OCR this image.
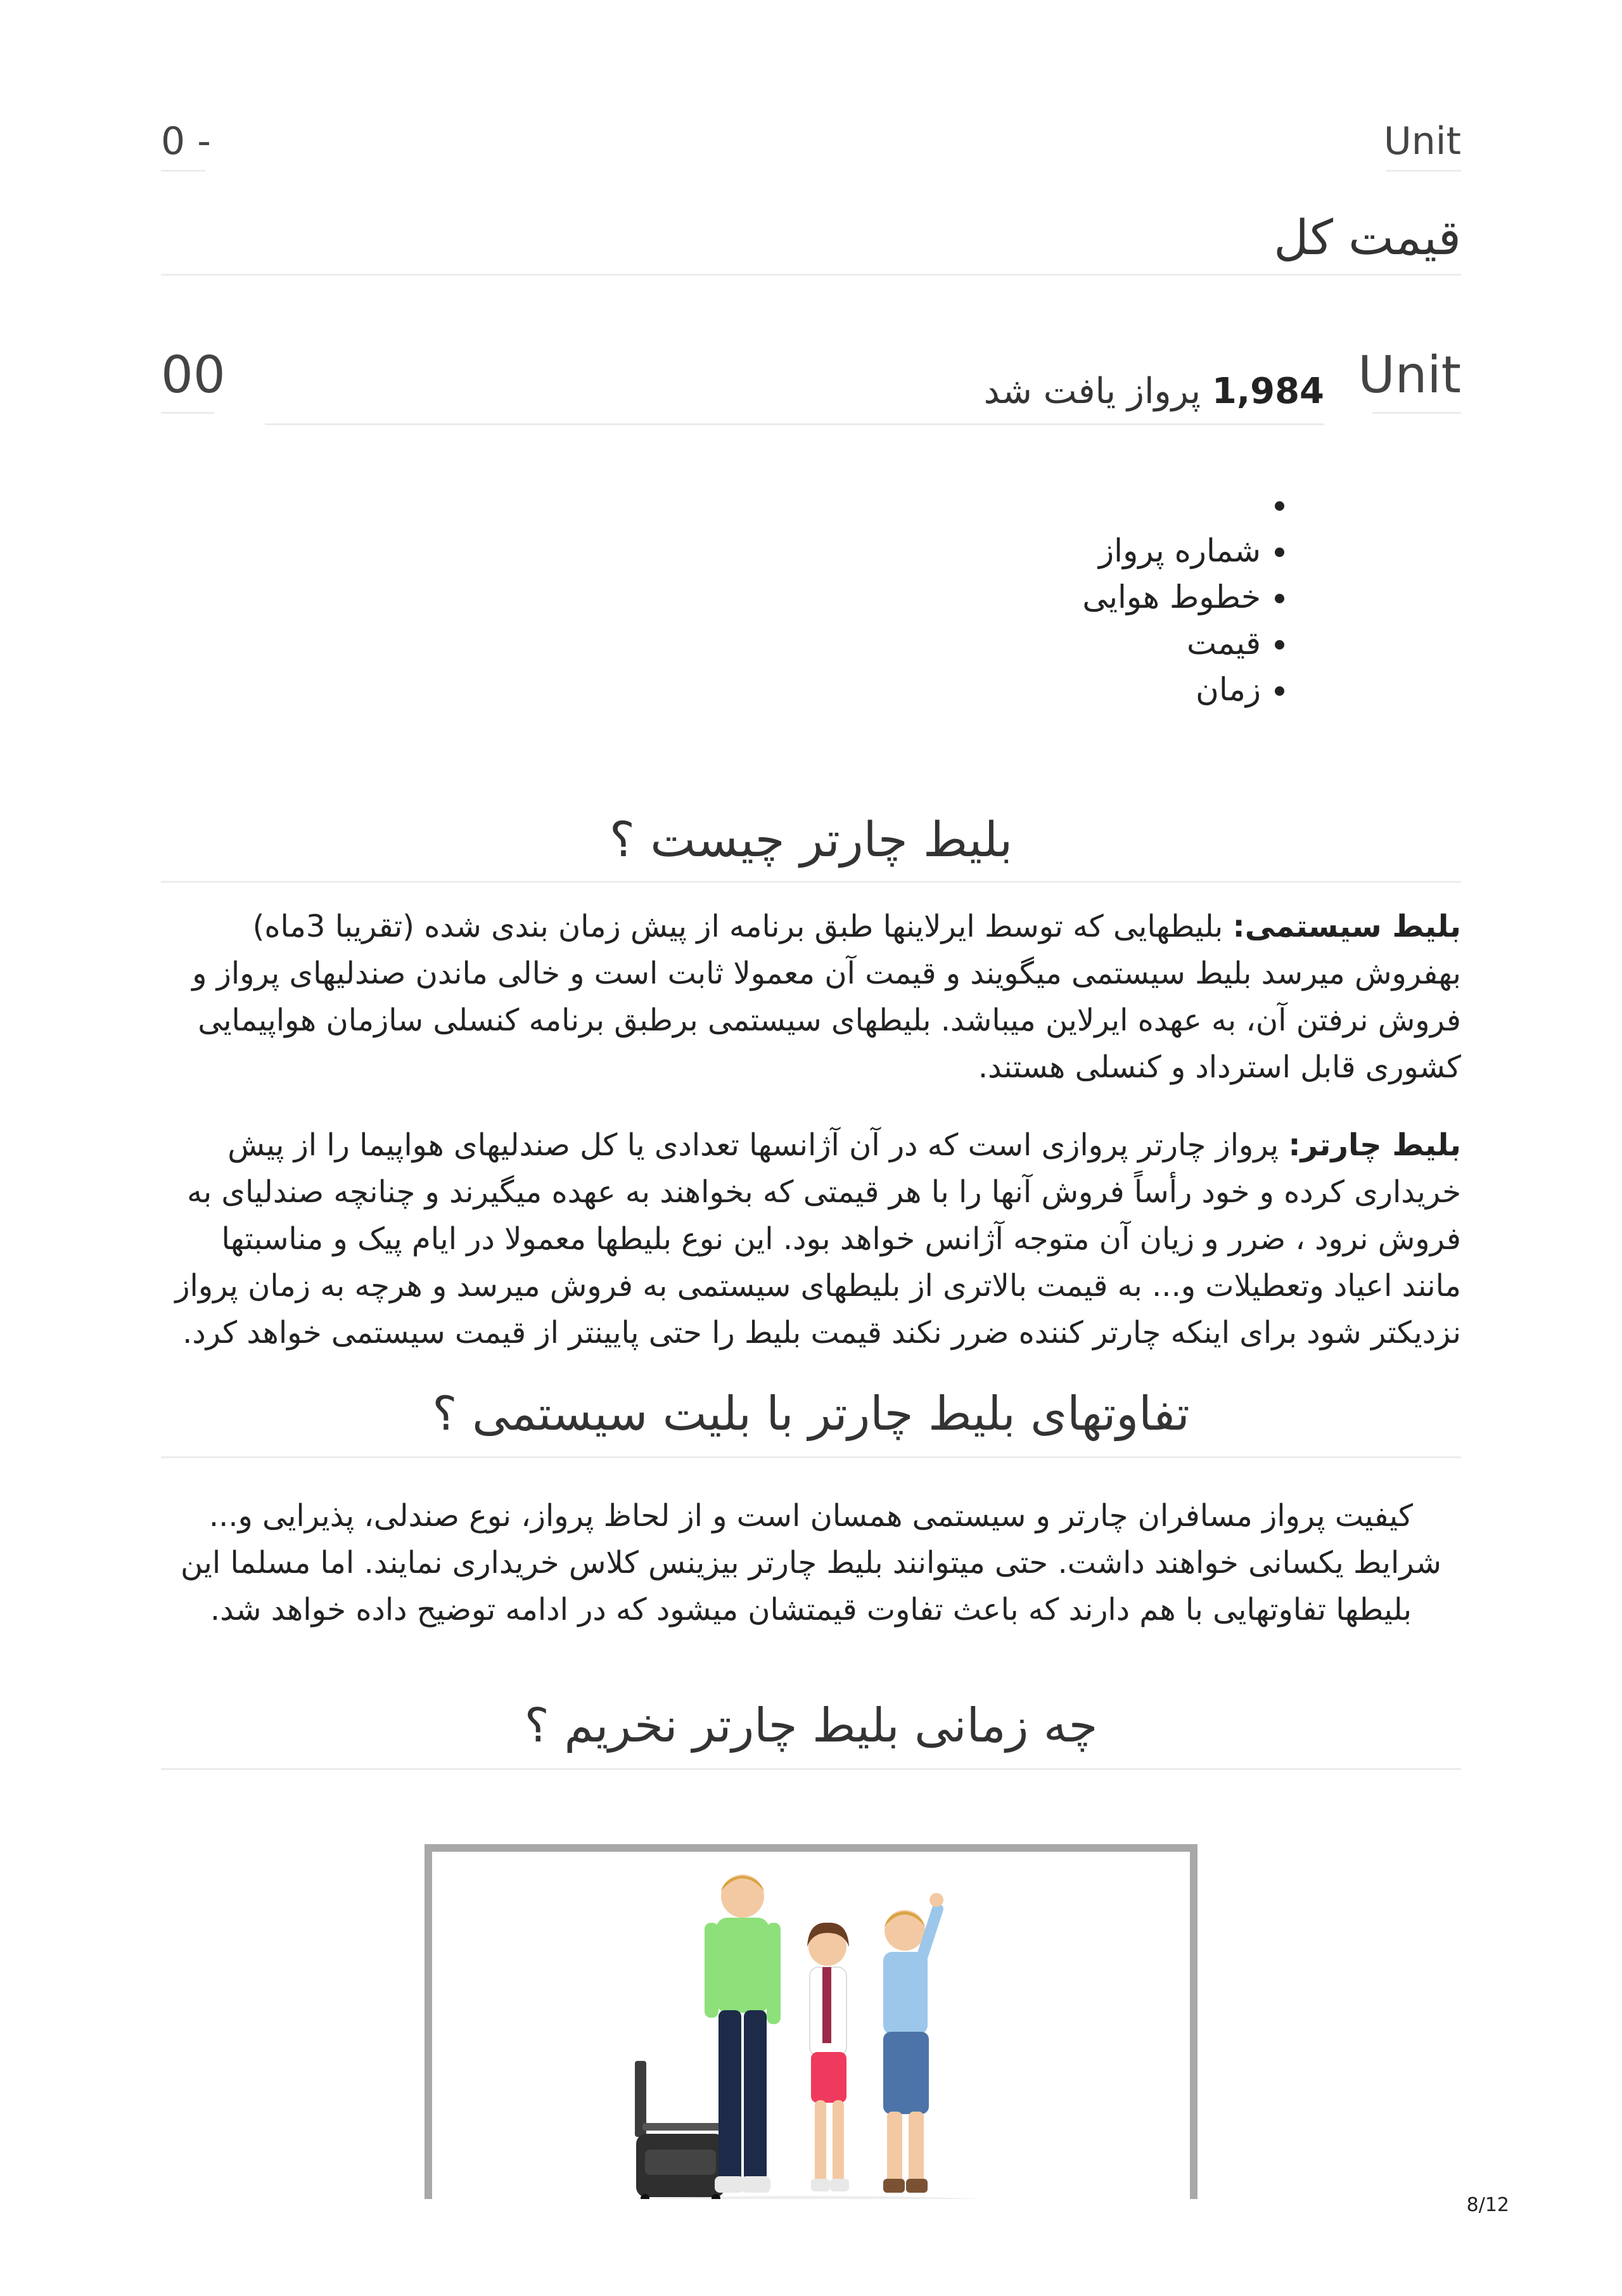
Unit
0 -
قیمت کل
Unit
00	1,984 پرواز یافت شد
•
• شماره پرواز
• خطوط هوایی
• قیمت
• زمان
بلیط چارتر چیست ؟

بلیط سیستمی: بلیطهایی که توسط ایرلاینها طبق برنامه از پیش زمان بندی شده (تقریبا 3ماه) بهفروش میرسد بلیط سیستمی میگویند و قیمت آن معمولا ثابت است و خالی ماندن صندلیهای پرواز و فروش نرفتن آن، به عهده ایرلاین میباشد. بلیطهای سیستمی برطبق برنامه کنسلی سازمان هواپیمایی کشوری قابل استرداد و کنسلی هستند.

بلیط چارتر: پرواز چارتر پروازی است که در آن آژانسها تعدادی یا کل صندلیهای هواپیما را از پیش خریداری کرده و خود رأساً فروش آنها را با هر قیمتی که بخواهند به عهده میگیرند و چنانچه صندلیای به فروش نرود ، ضرر و زیان آن متوجه آژانس خواهد بود. این نوع بلیطها معمولا در ایام پیک و مناسبتها مانند اعیاد وتعطیلات و... به قیمت بالاتری از بلیطهای سیستمی به فروش میرسد و هرچه به زمان پرواز نزدیکتر شود برای اینکه چارتر کننده ضرر نکند قیمت بلیط را حتی پایینتر از قیمت سیستمی خواهد کرد.

تفاوتهای بلیط چارتر با بلیت سیستمی ؟

کیفیت پرواز مسافران چارتر و سیستمی همسان است و از لحاظ پرواز، نوع صندلی، پذیرایی و... شرایط یکسانی خواهند داشت. حتی میتوانند بلیط چارتر بیزینس کلاس خریداری نمایند. اما مسلما این بلیطها تفاوتهایی با هم دارند که باعث تفاوت قیمتشان میشود که در ادامه توضیح داده خواهد شد.

چه زمانی بلیط چارتر نخریم ؟
8/12
